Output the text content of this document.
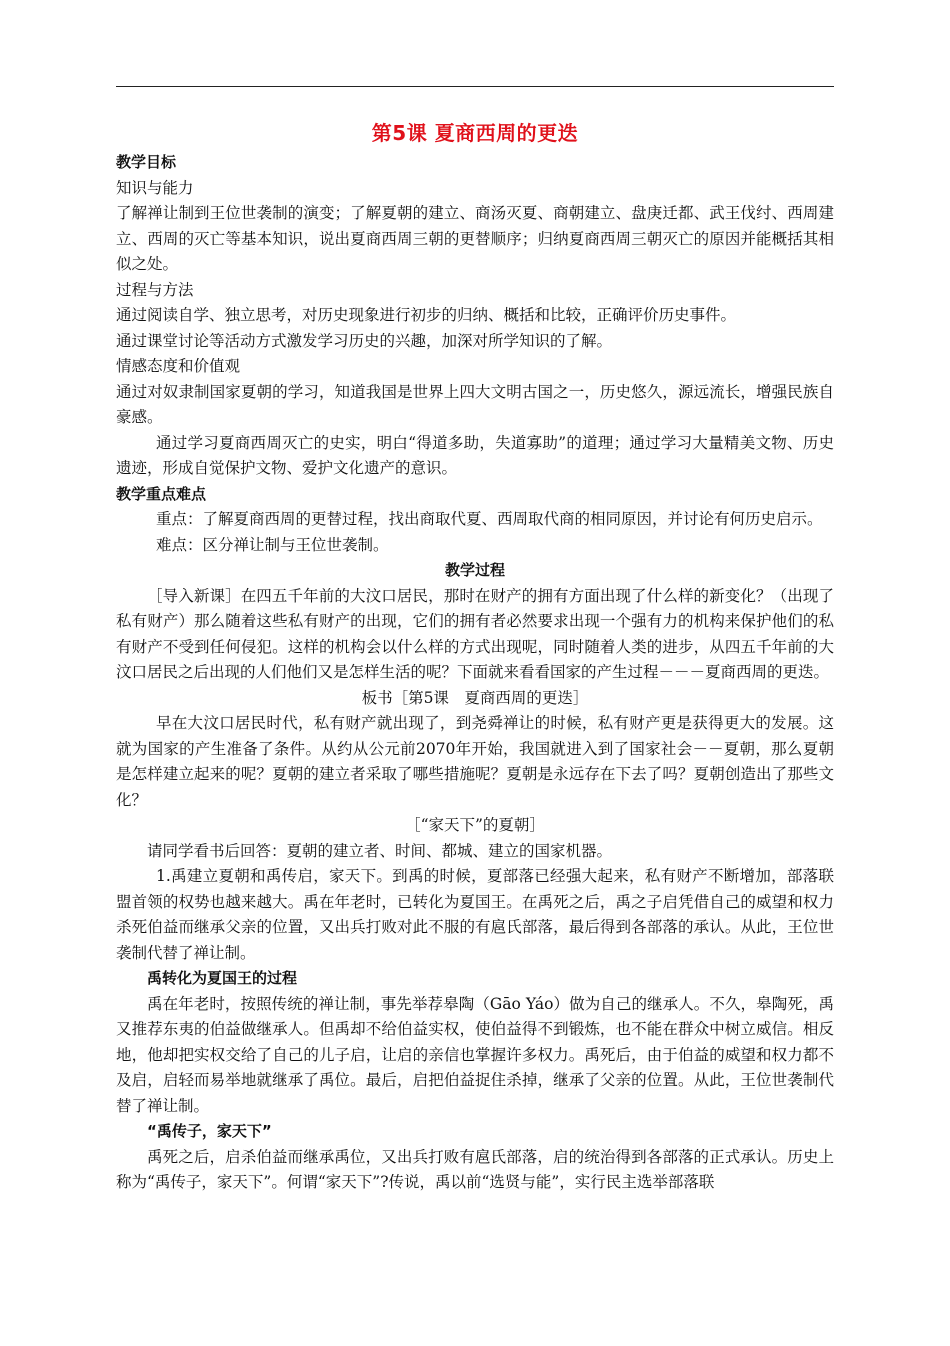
第5课 夏商西周的更迭
教学目标

知识与能力

了解禅让制到王位世袭制的演变；了解夏朝的建立、商汤灭夏、商朝建立、盘庚迁都、武王伐纣、西周建立、西周的灭亡等基本知识，说出夏商西周三朝的更替顺序；归纳夏商西周三朝灭亡的原因并能概括其相似之处。

过程与方法

通过阅读自学、独立思考，对历史现象进行初步的归纳、概括和比较，正确评价历史事件。

通过课堂讨论等活动方式激发学习历史的兴趣，加深对所学知识的了解。

情感态度和价值观

通过对奴隶制国家夏朝的学习，知道我国是世界上四大文明古国之一，历史悠久，源远流长，增强民族自豪感。

通过学习夏商西周灭亡的史实，明白“得道多助，失道寡助”的道理；通过学习大量精美文物、历史遗迹，形成自觉保护文物、爱护文化遗产的意识。

教学重点难点

重点：了解夏商西周的更替过程，找出商取代夏、西周取代商的相同原因，并讨论有何历史启示。

难点：区分禅让制与王位世袭制。

教学过程

［导入新课］在四五千年前的大汶口居民，那时在财产的拥有方面出现了什么样的新变化？（出现了私有财产）那么随着这些私有财产的出现，它们的拥有者必然要求出现一个强有力的机构来保护他们的私有财产不受到任何侵犯。这样的机构会以什么样的方式出现呢，同时随着人类的进步，从四五千年前的大汶口居民之后出现的人们他们又是怎样生活的呢？下面就来看看国家的产生过程－－－夏商西周的更迭。

板书［第5课　夏商西周的更迭］

早在大汶口居民时代，私有财产就出现了，到尧舜禅让的时候，私有财产更是获得更大的发展。这就为国家的产生准备了条件。从约从公元前2070年开始，我国就进入到了国家社会－－夏朝，那么夏朝是怎样建立起来的呢？夏朝的建立者采取了哪些措施呢？夏朝是永远存在下去了吗？夏朝创造出了那些文化？

［“家天下”的夏朝］

请同学看书后回答：夏朝的建立者、时间、都城、建立的国家机器。

1.禹建立夏朝和禹传启，家天下。到禹的时候，夏部落已经强大起来，私有财产不断增加，部落联盟首领的权势也越来越大。禹在年老时，已转化为夏国王。在禹死之后，禹之子启凭借自己的威望和权力杀死伯益而继承父亲的位置，又出兵打败对此不服的有扈氏部落，最后得到各部落的承认。从此，王位世袭制代替了禅让制。

禹转化为夏国王的过程

禹在年老时，按照传统的禅让制，事先举荐皋陶（Gāo Yáo）做为自己的继承人。不久，皋陶死，禹又推荐东夷的伯益做继承人。但禹却不给伯益实权，使伯益得不到锻炼，也不能在群众中树立威信。相反地，他却把实权交给了自己的儿子启，让启的亲信也掌握许多权力。禹死后，由于伯益的威望和权力都不及启，启轻而易举地就继承了禹位。最后，启把伯益捉住杀掉，继承了父亲的位置。从此，王位世袭制代替了禅让制。

“禹传子，家天下”

禹死之后，启杀伯益而继承禹位，又出兵打败有扈氏部落，启的统治得到各部落的正式承认。历史上称为“禹传子，家天下”。何谓“家天下”?传说，禹以前“选贤与能”，实行民主选举部落联
